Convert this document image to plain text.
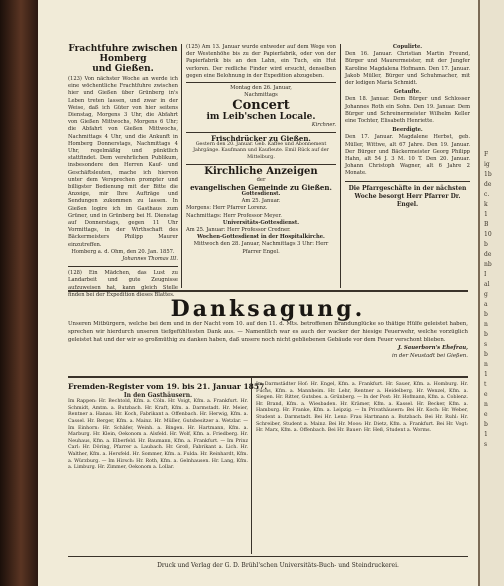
Frachtfuhre zwischen Homberg
und Gießen.

(123) Von nächster Woche an werde ich eine wöchentliche Frachtfuhre zwischen hier und Gießen über Grünberg in's Leben treten lassen, und zwar in der Weise, daß ich Güter von hier seitens Dienstag, Morgens 3 Uhr, die Abfahrt von Gießen Mittwochs, Morgens 6 Uhr; die Abfahrt von Gießen Mittwochs, Nachmittags 4 Uhr, und die Ankunft in Homberg Donnerstags, Nachmittags 4 Uhr, regelmäßig und pünktlich stattfindet. Dem verehrlichen Publikum, insbesondere den Herren Kauf- und Geschäftsleuten, mache ich hiervon unter dem Versprechen prompter und billigster Bedienung mit der Bitte die Anzeige, mir Ihre Aufträge und Sendungen zukommen zu lassen. In Gießen logire ich im Gasthaus zum Grüner, und in Grünberg bei H. Dienstag auf Donnerstags, gegen 11 Uhr Vormittags, in der Wirthschaft des Bäckermeisters Philipp Maurer einzutreffen.

Homberg a. d. Ohm, den 20. Jan. 1857.

Johannes Thomas III.

(128) Ein Mädchen, das Lust zu Landarbeit und gute Zeugnisse aufzuweisen hat, kann gleich Stelle finden bei der Expedition dieses Blattes.

(125) Am 13. Januar wurde entweder auf dem Wege von der Westenhöhe bis zu der Papierfabrik, oder von der Papierfabrik bis an den Lahn, ein Tuch, ein Hut verloren. Der redliche Finder wird ersucht, denselben gegen eine Belohnung in der Expedition abzugeben.

Montag den 26. Januar,

Nachmittags

Concert
im Leib'schen Locale.

Kirchner.

Frischdrücker zu Gießen.

Gestern den 20. Januar. Geb. Kaffee und Abonnement Jahrgänge. Kaufmann und Kaufleute. Emil Rück auf der Mittelburg.

Kirchliche Anzeigen

der

evangelischen Gemeinde zu Gießen.

Gottesdienst.

Am 25. Januar.

Morgens: Herr Pfarrer Lorenz.

Nachmittags: Herr Professor Meyer.

Universitäts-Gottesdienst.

Am 25. Januar: Herr Professor Credner.

Wochen-Gottesdienst in der Hospitalkirche.

Mittwoch den 28. Januar, Nachmittags 3 Uhr: Herr Pfarrer Engel.

Copulirte.

Den 16. Januar. Christian Martin Freund, Bürger und Maurermeister, mit der Jungfer Karoline Magdalena Hofmann. Den 17. Januar. Jakob Müller, Bürger und Schuhmacher, mit der ledigen Maria Schmidt.

Getaufte.

Den 18. Januar. Dem Bürger und Schlosser Johannes Roth ein Sohn. Den 19. Januar. Dem Bürger und Schreinermeister Wilhelm Keller eine Tochter, Elisabeth Henriette.

Beerdigte.

Den 17. Januar. Magdalene Herbst, geb. Müller, Wittwe, alt 67 Jahre. Den 19. Januar. Der Bürger und Bäckermeister Georg Philipp Hahn, alt 54 J. 3 M. 10 T. Den 20. Januar. Johann Christoph Wagner, alt 6 Jahre 2 Monate.

Die Pfarrgeschäfte in der nächsten Woche besorgt Herr Pfarrer Dr. Engel.

Danksagung.

Unseren Mitbürgern, welche bei dem und in der Nacht vom 10. auf den 11. d. Mts. betroffenen Brandunglücke so thätige Hülfe geleistet haben, sprechen wir hierdurch unseren tiefgefühltesten Dank aus. — Namentlich war es auch der wacker der hiesige Feuerwehr, welche vorzüglich geleistet hat und der wir so großmüthig zu danken haben, daß unsere noch nicht gebliebenen Gebäude vor dem Feuer verschont blieben.

J. Sauerborn's Ehefrau,

in der Neustadt bei Gießen.

Fremden-Register vom 19. bis 21. Januar 1857.

In den Gasthäusern.

Im Rappen: Hr. Bechtold, Kfm. a. Cöln. Hr. Voigt, Kfm. a. Frankfurt. Hr. Schmidt, Amtm. a. Butzbach. Hr. Kraft, Kfm. a. Darmstadt. Hr. Meier, Rentner a. Hanau. Hr. Koch, Fabrikant a. Offenbach. Hr. Herwig, Kfm. a. Cassel. Hr. Berger, Kfm. a. Mainz. Hr. Müller, Gutsbesitzer a. Wetzlar. — Im Einhorn: Hr. Schäfer, Weinh. a. Bingen. Hr. Hartmann, Kfm. a. Marburg. Hr. Klein, Oekonom a. Alsfeld. Hr. Wolf, Kfm. a. Friedberg. Hr. Neuhaus, Kfm. a. Elberfeld. Hr. Baumann, Kfm. a. Frankfurt. — Im Prinz Carl: Hr. Döring, Pfarrer a. Laubach. Hr. Groß, Fabrikant a. Lich. Hr. Walther, Kfm. a. Hersfeld. Hr. Sommer, Kfm. a. Fulda. Hr. Reinhardt, Kfm. a. Würzburg. — Im Hirsch: Hr. Roth, Kfm. a. Gelnhausen. Hr. Lang, Kfm. a. Limburg. Hr. Zimmer, Oekonom a. Lollar.

Im Darmstädter Hof: Hr. Engel, Kfm. a. Frankfurt. Hr. Sauer, Kfm. a. Homburg. Hr. Fuchs, Kfm. a. Mannheim. Hr. Lehr, Rentner a. Heidelberg. Hr. Wenzel, Kfm. a. Siegen. Hr. Ritter, Gutsbes. a. Grünberg. — In der Post: Hr. Hofmann, Kfm. a. Coblenz. Hr. Brand, Kfm. a. Wiesbaden. Hr. Krämer, Kfm. a. Kassel. Hr. Becker, Kfm. a. Hamburg. Hr. Franke, Kfm. a. Leipzig. — In Privathäusern: Bei Hr. Koch: Hr. Weber, Student a. Darmstadt. Bei Hr. Lenz: Frau Hartmann a. Butzbach. Bei Hr. Ruhl: Hr. Schreiber, Student a. Mainz. Bei Hr. Moos: Hr. Dietz, Kfm. a. Frankfurt. Bei Hr. Vogt: Hr. Marx, Kfm. a. Offenbach. Bei Hr. Bauer: Hr. Heß, Student a. Worms.

Druck und Verlag der G. D. Brühl'schen Universitäts-Buch- und Steindruckerei.
F
ig
1b
de
c.
k
1
B
10
b
de
nb
I
al
g
a
b
n
b
s
b
n
1
t
e
n
e
b
1
s
